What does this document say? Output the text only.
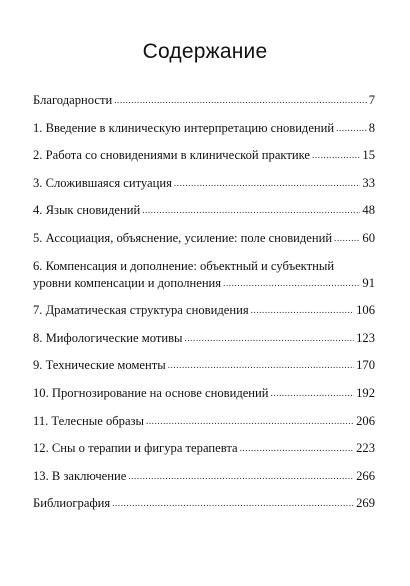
Содержание
Благодарности .....	7
1. Введение в клиническую интерпретацию сновидений .....	8
2. Работа со сновидениями в клинической практике .....	15
3. Сложившаяся ситуация .....	33
4. Язык сновидений .....	48
5. Ассоциация, объяснение, усиление: поле сновидений ..... 60
6. Компенсация и дополнение: объектный и субъектный
уровни компенсации и дополнения .....	91
7. Драматическая структура сновидения .....	106
8. Мифологические мотивы .....	123
9. Технические моменты .....	170
10. Прогнозирование на основе сновидений .....	192
11. Телесные образы .....	206
12. Сны о терапии и фигура терапевта .....	223
13. В заключение .....	266
Библиография .....	269
